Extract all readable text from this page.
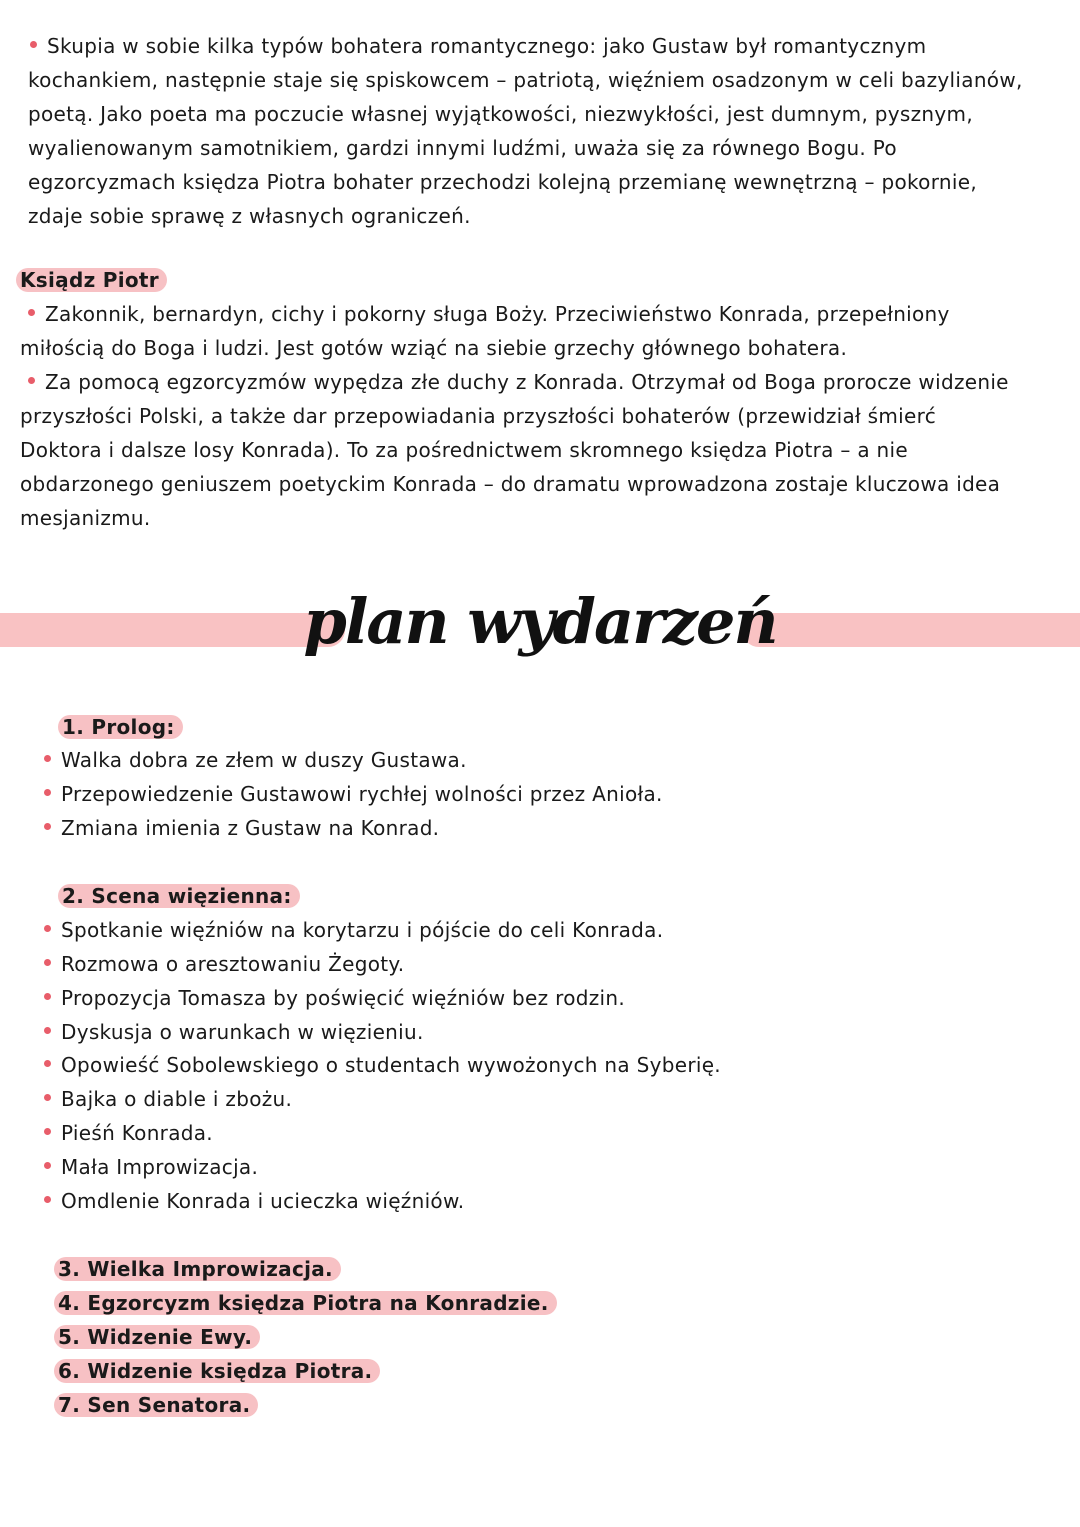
Skupia w sobie kilka typów bohatera romantycznego: jako Gustaw był romantycznym
kochankiem, następnie staje się spiskowcem – patriotą, więźniem osadzonym w celi bazylianów,
poetą. Jako poeta ma poczucie własnej wyjątkowości, niezwykłości, jest dumnym, pysznym,
wyalienowanym samotnikiem, gardzi innymi ludźmi, uważa się za równego Bogu. Po
egzorcyzmach księdza Piotra bohater przechodzi kolejną przemianę wewnętrzną – pokornie,
zdaje sobie sprawę z własnych ograniczeń.
Ksiądz Piotr
Zakonnik, bernardyn, cichy i pokorny sługa Boży. Przeciwieństwo Konrada, przepełniony
miłością do Boga i ludzi. Jest gotów wziąć na siebie grzechy głównego bohatera.
Za pomocą egzorcyzmów wypędza złe duchy z Konrada. Otrzymał od Boga prorocze widzenie
przyszłości Polski, a także dar przepowiadania przyszłości bohaterów (przewidział śmierć
Doktora i dalsze losy Konrada). To za pośrednictwem skromnego księdza Piotra – a nie
obdarzonego geniuszem poetyckim Konrada – do dramatu wprowadzona zostaje kluczowa idea
mesjanizmu.
plan wydarzeń
1. Prolog:
Walka dobra ze złem w duszy Gustawa.
Przepowiedzenie Gustawowi rychłej wolności przez Anioła.
Zmiana imienia z Gustaw na Konrad.
2. Scena więzienna:
Spotkanie więźniów na korytarzu i pójście do celi Konrada.
Rozmowa o aresztowaniu Żegoty.
Propozycja Tomasza by poświęcić więźniów bez rodzin.
Dyskusja o warunkach w więzieniu.
Opowieść Sobolewskiego o studentach wywożonych na Syberię.
Bajka o diable i zbożu.
Pieśń Konrada.
Mała Improwizacja.
Omdlenie Konrada i ucieczka więźniów.
3. Wielka Improwizacja.
4. Egzorcyzm księdza Piotra na Konradzie.
5. Widzenie Ewy.
6. Widzenie księdza Piotra.
7. Sen Senatora.
